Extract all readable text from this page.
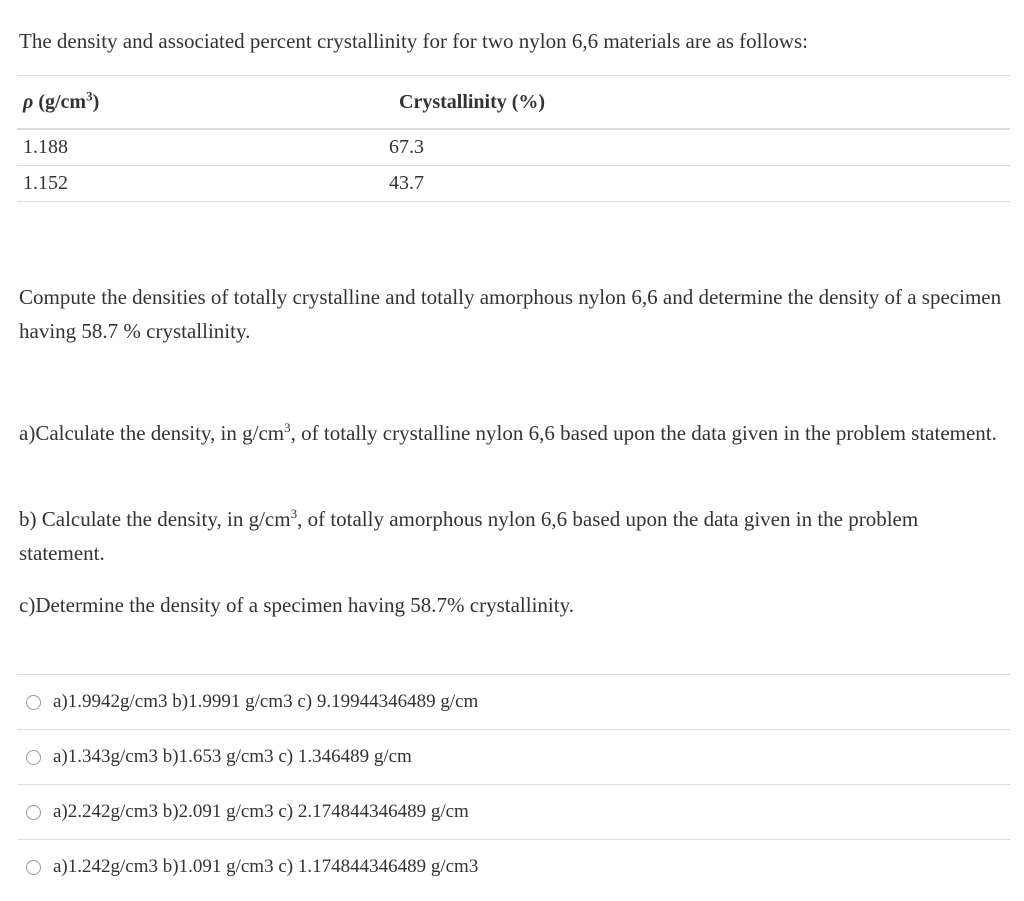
The density and associated percent crystallinity for for two nylon 6,6 materials are as follows:
ρ $(g/cm^3)$	Crystallinity (%)
1.188	67.3
1.152	43.7
Compute the densities of totally crystalline and totally amorphous nylon 6,6 and determine the density of a specimen having 58.7 % crystallinity.
a)Calculate the density, in $g/cm^3$, of totally crystalline nylon 6,6 based upon the data given in the problem statement.
b) Calculate the density, in $g/cm^3$, of totally amorphous nylon 6,6 based upon the data given in the problem statement.
c)Determine the density of a specimen having 58.7% crystallinity.
a)1.9942g/cm3 b)1.9991 g/cm3 c) 9.19944346489 g/cm
a)1.343g/cm3 b)1.653 g/cm3 c) 1.346489 g/cm
a)2.242g/cm3 b)2.091 g/cm3 c) 2.174844346489 g/cm
a)1.242g/cm3 b)1.091 g/cm3 c) 1.174844346489 g/cm3
